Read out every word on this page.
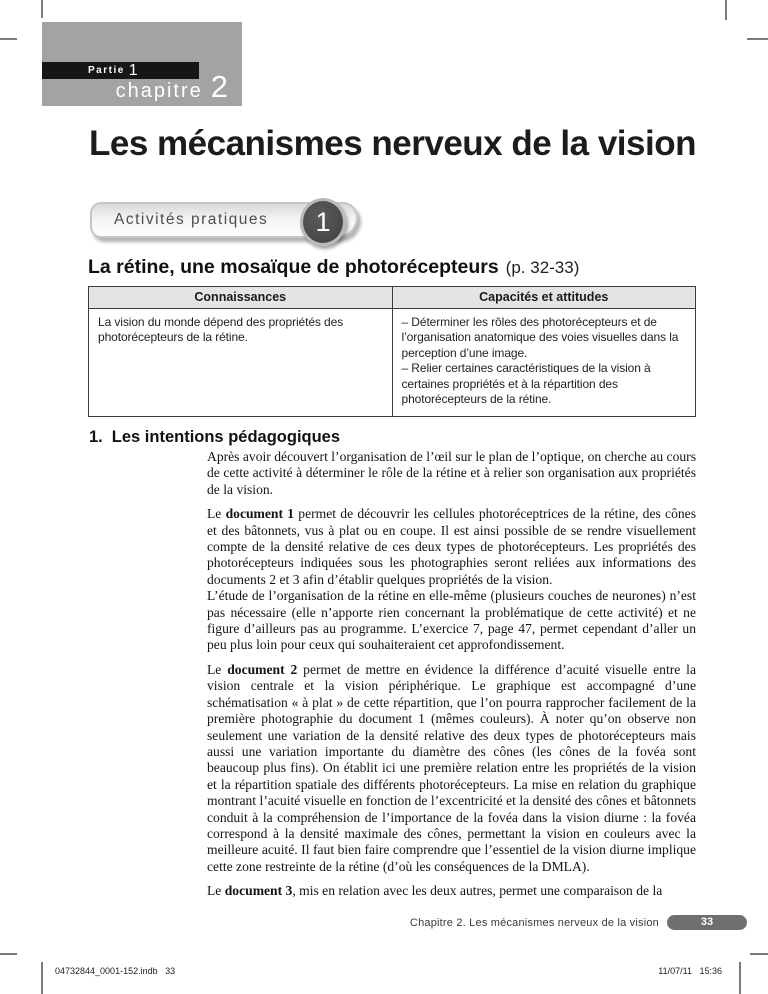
Partie 1
chapitre 2
Les mécanismes nerveux de la vision
Activités pratiques	1
La rétine, une mosaïque de photorécepteurs (p. 32-33)
Connaissances	Capacités et attitudes
La vision du monde dépend des propriétés des photorécepteurs de la rétine.	– Déterminer les rôles des photorécepteurs et de l’organisation anatomique des voies visuelles dans la perception d’une image.
– Relier certaines caractéristiques de la vision à certaines propriétés et à la répartition des photorécepteurs de la rétine.
1. Les intentions pédagogiques

Après avoir découvert l’organisation de l’œil sur le plan de l’optique, on cherche au cours de cette activité à déterminer le rôle de la rétine et à relier son organisation aux propriétés de la vision.

Le document 1 permet de découvrir les cellules photoréceptrices de la rétine, des cônes et des bâtonnets, vus à plat ou en coupe. Il est ainsi possible de se rendre visuellement compte de la densité relative de ces deux types de photorécepteurs. Les propriétés des photorécepteurs indiquées sous les photographies seront reliées aux informations des documents 2 et 3 afin d’établir quelques propriétés de la vision.

L’étude de l’organisation de la rétine en elle-même (plusieurs couches de neurones) n’est pas nécessaire (elle n’apporte rien concernant la problématique de cette activité) et ne figure d’ailleurs pas au programme. L’exercice 7, page 47, permet cependant d’aller un peu plus loin pour ceux qui souhaiteraient cet approfondissement.

Le document 2 permet de mettre en évidence la différence d’acuité visuelle entre la vision centrale et la vision périphérique. Le graphique est accompagné d’une schématisation « à plat » de cette répartition, que l’on pourra rapprocher facilement de la première photographie du document 1 (mêmes couleurs). À noter qu’on observe non seulement une variation de la densité relative des deux types de photorécepteurs mais aussi une variation importante du diamètre des cônes (les cônes de la fovéa sont beaucoup plus fins). On établit ici une première relation entre les propriétés de la vision et la répartition spatiale des différents photorécepteurs. La mise en relation du graphique montrant l’acuité visuelle en fonction de l’excentricité et la densité des cônes et bâtonnets conduit à la compréhension de l’importance de la fovéa dans la vision diurne : la fovéa correspond à la densité maximale des cônes, permettant la vision en couleurs avec la meilleure acuité. Il faut bien faire comprendre que l’essentiel de la vision diurne implique cette zone restreinte de la rétine (d’où les conséquences de la DMLA).

Le document 3, mis en relation avec les deux autres, permet une comparaison de la

Chapitre 2. Les mécanismes nerveux de la vision	33
04732844_0001-152.indb   33	11/07/11   15:36
